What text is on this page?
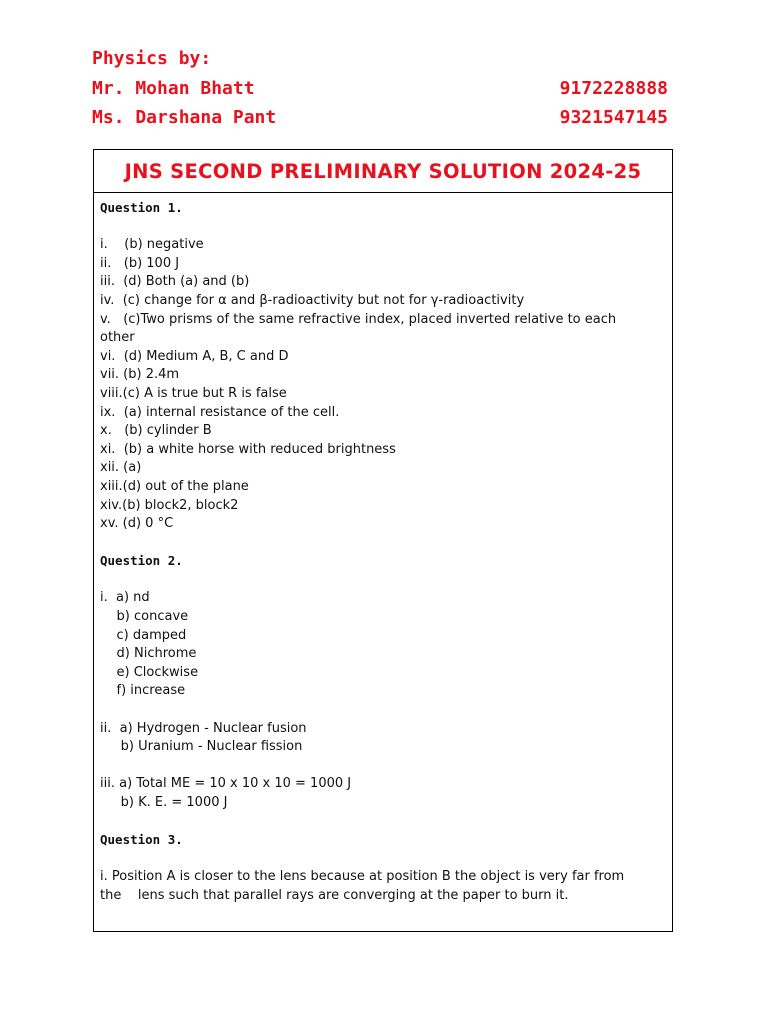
Physics by:
Mr. Mohan Bhatt	9172228888
Ms. Darshana Pant	9321547145
JNS SECOND PRELIMINARY SOLUTION 2024-25
Question 1.
i.    (b) negative
ii.   (b) 100 J
iii.  (d) Both (a) and (b)
iv.  (c) change for α and β-radioactivity but not for γ-radioactivity
v.   (c)Two prisms of the same refractive index, placed inverted relative to each
other
vi.  (d) Medium A, B, C and D
vii. (b) 2.4m
viii.(c) A is true but R is false
ix.  (a) internal resistance of the cell.
x.   (b) cylinder B
xi.  (b) a white horse with reduced brightness
xii. (a)
xiii.(d) out of the plane
xiv.(b) block2, block2
xv. (d) 0 °C
Question 2.
i.  a) nd
b) concave
c) damped
d) Nichrome
e) Clockwise
f) increase
ii.  a) Hydrogen - Nuclear fusion
b) Uranium - Nuclear fission
iii. a) Total ME = 10 x 10 x 10 = 1000 J
b) K. E. = 1000 J
Question 3.
i. Position A is closer to the lens because at position B the object is very far from
the    lens such that parallel rays are converging at the paper to burn it.
